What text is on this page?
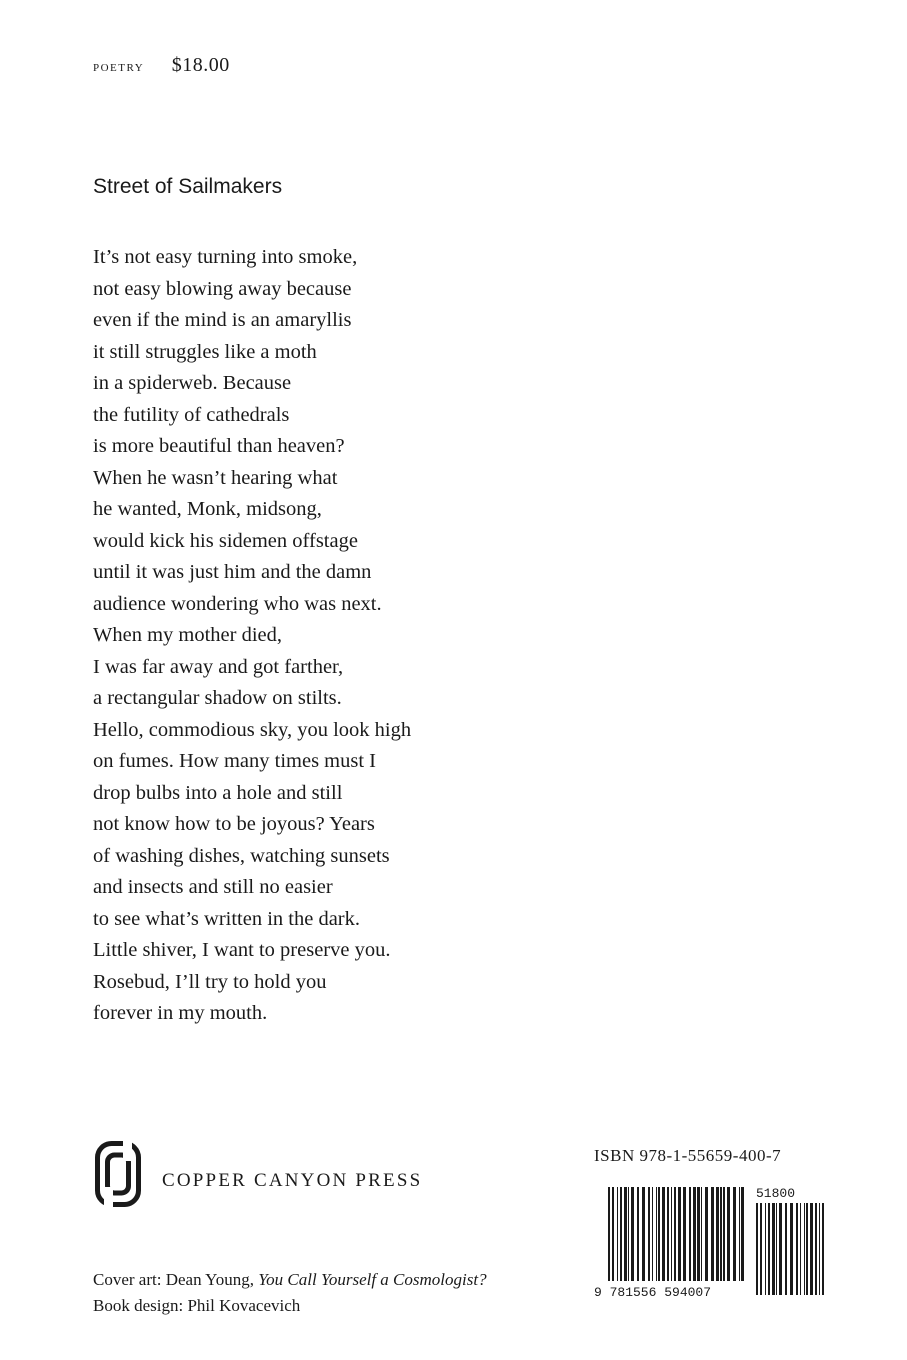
poetry $18.00
Street of Sailmakers
It’s not easy turning into smoke,
not easy blowing away because
even if the mind is an amaryllis
it still struggles like a moth
in a spiderweb. Because
the futility of cathedrals
is more beautiful than heaven?
When he wasn’t hearing what
he wanted, Monk, midsong,
would kick his sidemen offstage
until it was just him and the damn
audience wondering who was next.
When my mother died,
I was far away and got farther,
a rectangular shadow on stilts.
Hello, commodious sky, you look high
on fumes. How many times must I
drop bulbs into a hole and still
not know how to be joyous? Years
of washing dishes, watching sunsets
and insects and still no easier
to see what’s written in the dark.
Little shiver, I want to preserve you.
Rosebud, I’ll try to hold you
forever in my mouth.
COPPER CANYON PRESS
ISBN 978-1-55659-400-7
9 781556 594007
51800
Cover art: Dean Young, You Call Yourself a Cosmologist?
Book design: Phil Kovacevich
